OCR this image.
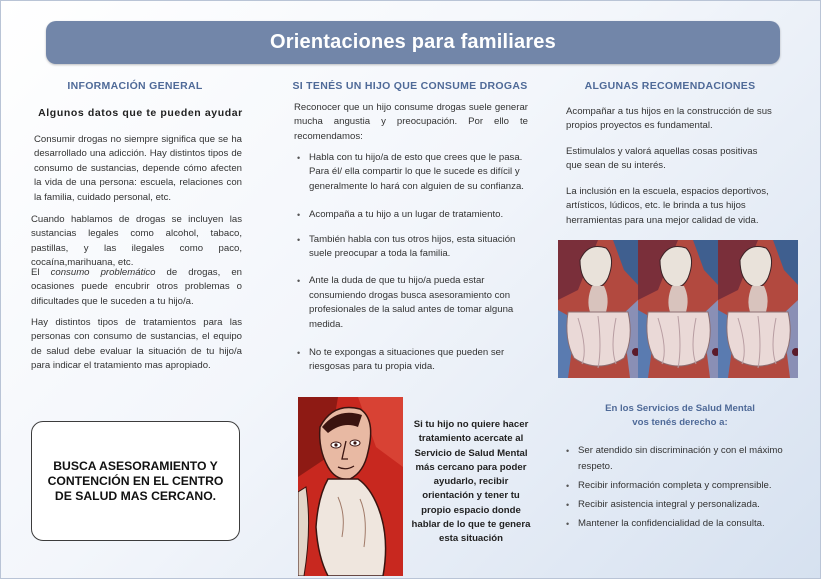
Orientaciones para familiares
INFORMACIÓN GENERAL
Algunos datos que te pueden ayudar
Consumir drogas no siempre significa que se ha desarrollado una adicción. Hay distintos tipos de consumo de sustancias, depende cómo afecten la vida de una persona: escuela, relaciones con la familia, cuidado personal, etc.
Cuando hablamos de drogas se incluyen las sustancias legales como alcohol, tabaco, pastillas, y las ilegales como paco, cocaína,marihuana, etc.
El consumo problemático de drogas, en ocasiones puede encubrir otros problemas o dificultades que le suceden a tu hijo/a.
Hay distintos tipos de tratamientos para las personas con consumo de sustancias, el equipo de salud debe evaluar la situación de tu hijo/a para indicar el tratamiento mas apropiado.
BUSCA ASESORAMIENTO Y CONTENCIÓN EN EL CENTRO DE SALUD MAS CERCANO.
SI TENÉS UN HIJO QUE CONSUME DROGAS
Reconocer que un hijo consume drogas suele generar mucha angustia y preocupación. Por ello te recomendamos:
• Habla con tu hijo/a de esto que crees que le pasa. Para él/ ella compartir lo que le sucede es difícil y generalmente lo hará con alguien de su confianza.
• Acompaña a tu hijo a un lugar de tratamiento.
• También habla con tus otros hijos, esta situación suele preocupar a toda la familia.
• Ante la duda de que tu hijo/a pueda estar consumiendo drogas busca asesoramiento con profesionales de la salud antes de tomar alguna medida.
• No te expongas a situaciones que pueden ser riesgosas para tu propia vida.
Si tu hijo no quiere hacer tratamiento acercate al Servicio de Salud Mental más cercano para poder ayudarlo, recibir orientación y tener tu propio espacio donde hablar de lo que te genera esta situación
ALGUNAS RECOMENDACIONES
Acompañar a tus hijos en la construcción de sus propios proyectos es fundamental.
Estimulalos y valorá aquellas cosas positivas que sean de su interés.
La inclusión en la escuela, espacios deportivos, artísticos, lúdicos, etc. le brinda a tus hijos herramientas para una mejor calidad de vida.
En los Servicios de Salud Mental vos tenés derecho a:
• Ser atendido sin discriminación y con el máximo respeto.
• Recibir información completa y comprensible.
• Recibir asistencia integral y personalizada.
• Mantener la confidencialidad de la consulta.
